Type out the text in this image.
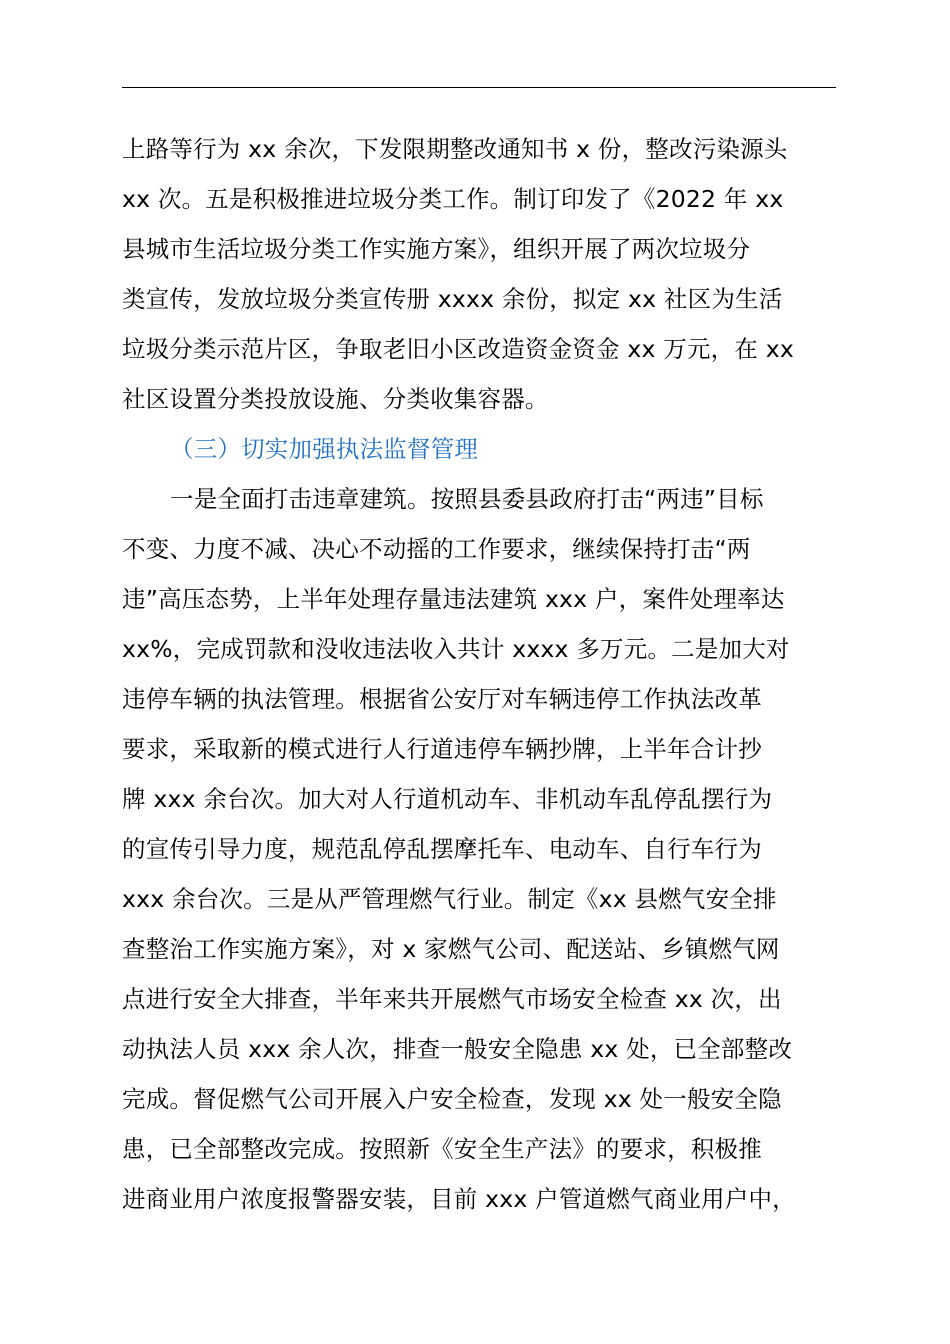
上路等行为 xx 余次，下发限期整改通知书 x 份，整改污染源头
xx 次。五是积极推进垃圾分类工作。制订印发了《2022 年 xx
县城市生活垃圾分类工作实施方案》，组织开展了两次垃圾分
类宣传，发放垃圾分类宣传册 xxxx 余份，拟定 xx 社区为生活
垃圾分类示范片区，争取老旧小区改造资金资金 xx 万元，在 xx
社区设置分类投放设施、分类收集容器。
（三）切实加强执法监督管理
一是全面打击违章建筑。按照县委县政府打击“两违”目标
不变、力度不减、决心不动摇的工作要求，继续保持打击“两
违”高压态势，上半年处理存量违法建筑 xxx 户，案件处理率达
xx%，完成罚款和没收违法收入共计 xxxx 多万元。二是加大对
违停车辆的执法管理。根据省公安厅对车辆违停工作执法改革
要求，采取新的模式进行人行道违停车辆抄牌，上半年合计抄
牌 xxx 余台次。加大对人行道机动车、非机动车乱停乱摆行为
的宣传引导力度，规范乱停乱摆摩托车、电动车、自行车行为
xxx 余台次。三是从严管理燃气行业。制定《xx 县燃气安全排
查整治工作实施方案》，对 x 家燃气公司、配送站、乡镇燃气网
点进行安全大排查，半年来共开展燃气市场安全检查 xx 次，出
动执法人员 xxx 余人次，排查一般安全隐患 xx 处，已全部整改
完成。督促燃气公司开展入户安全检查，发现 xx 处一般安全隐
患，已全部整改完成。按照新《安全生产法》的要求，积极推
进商业用户浓度报警器安装，目前 xxx 户管道燃气商业用户中，
